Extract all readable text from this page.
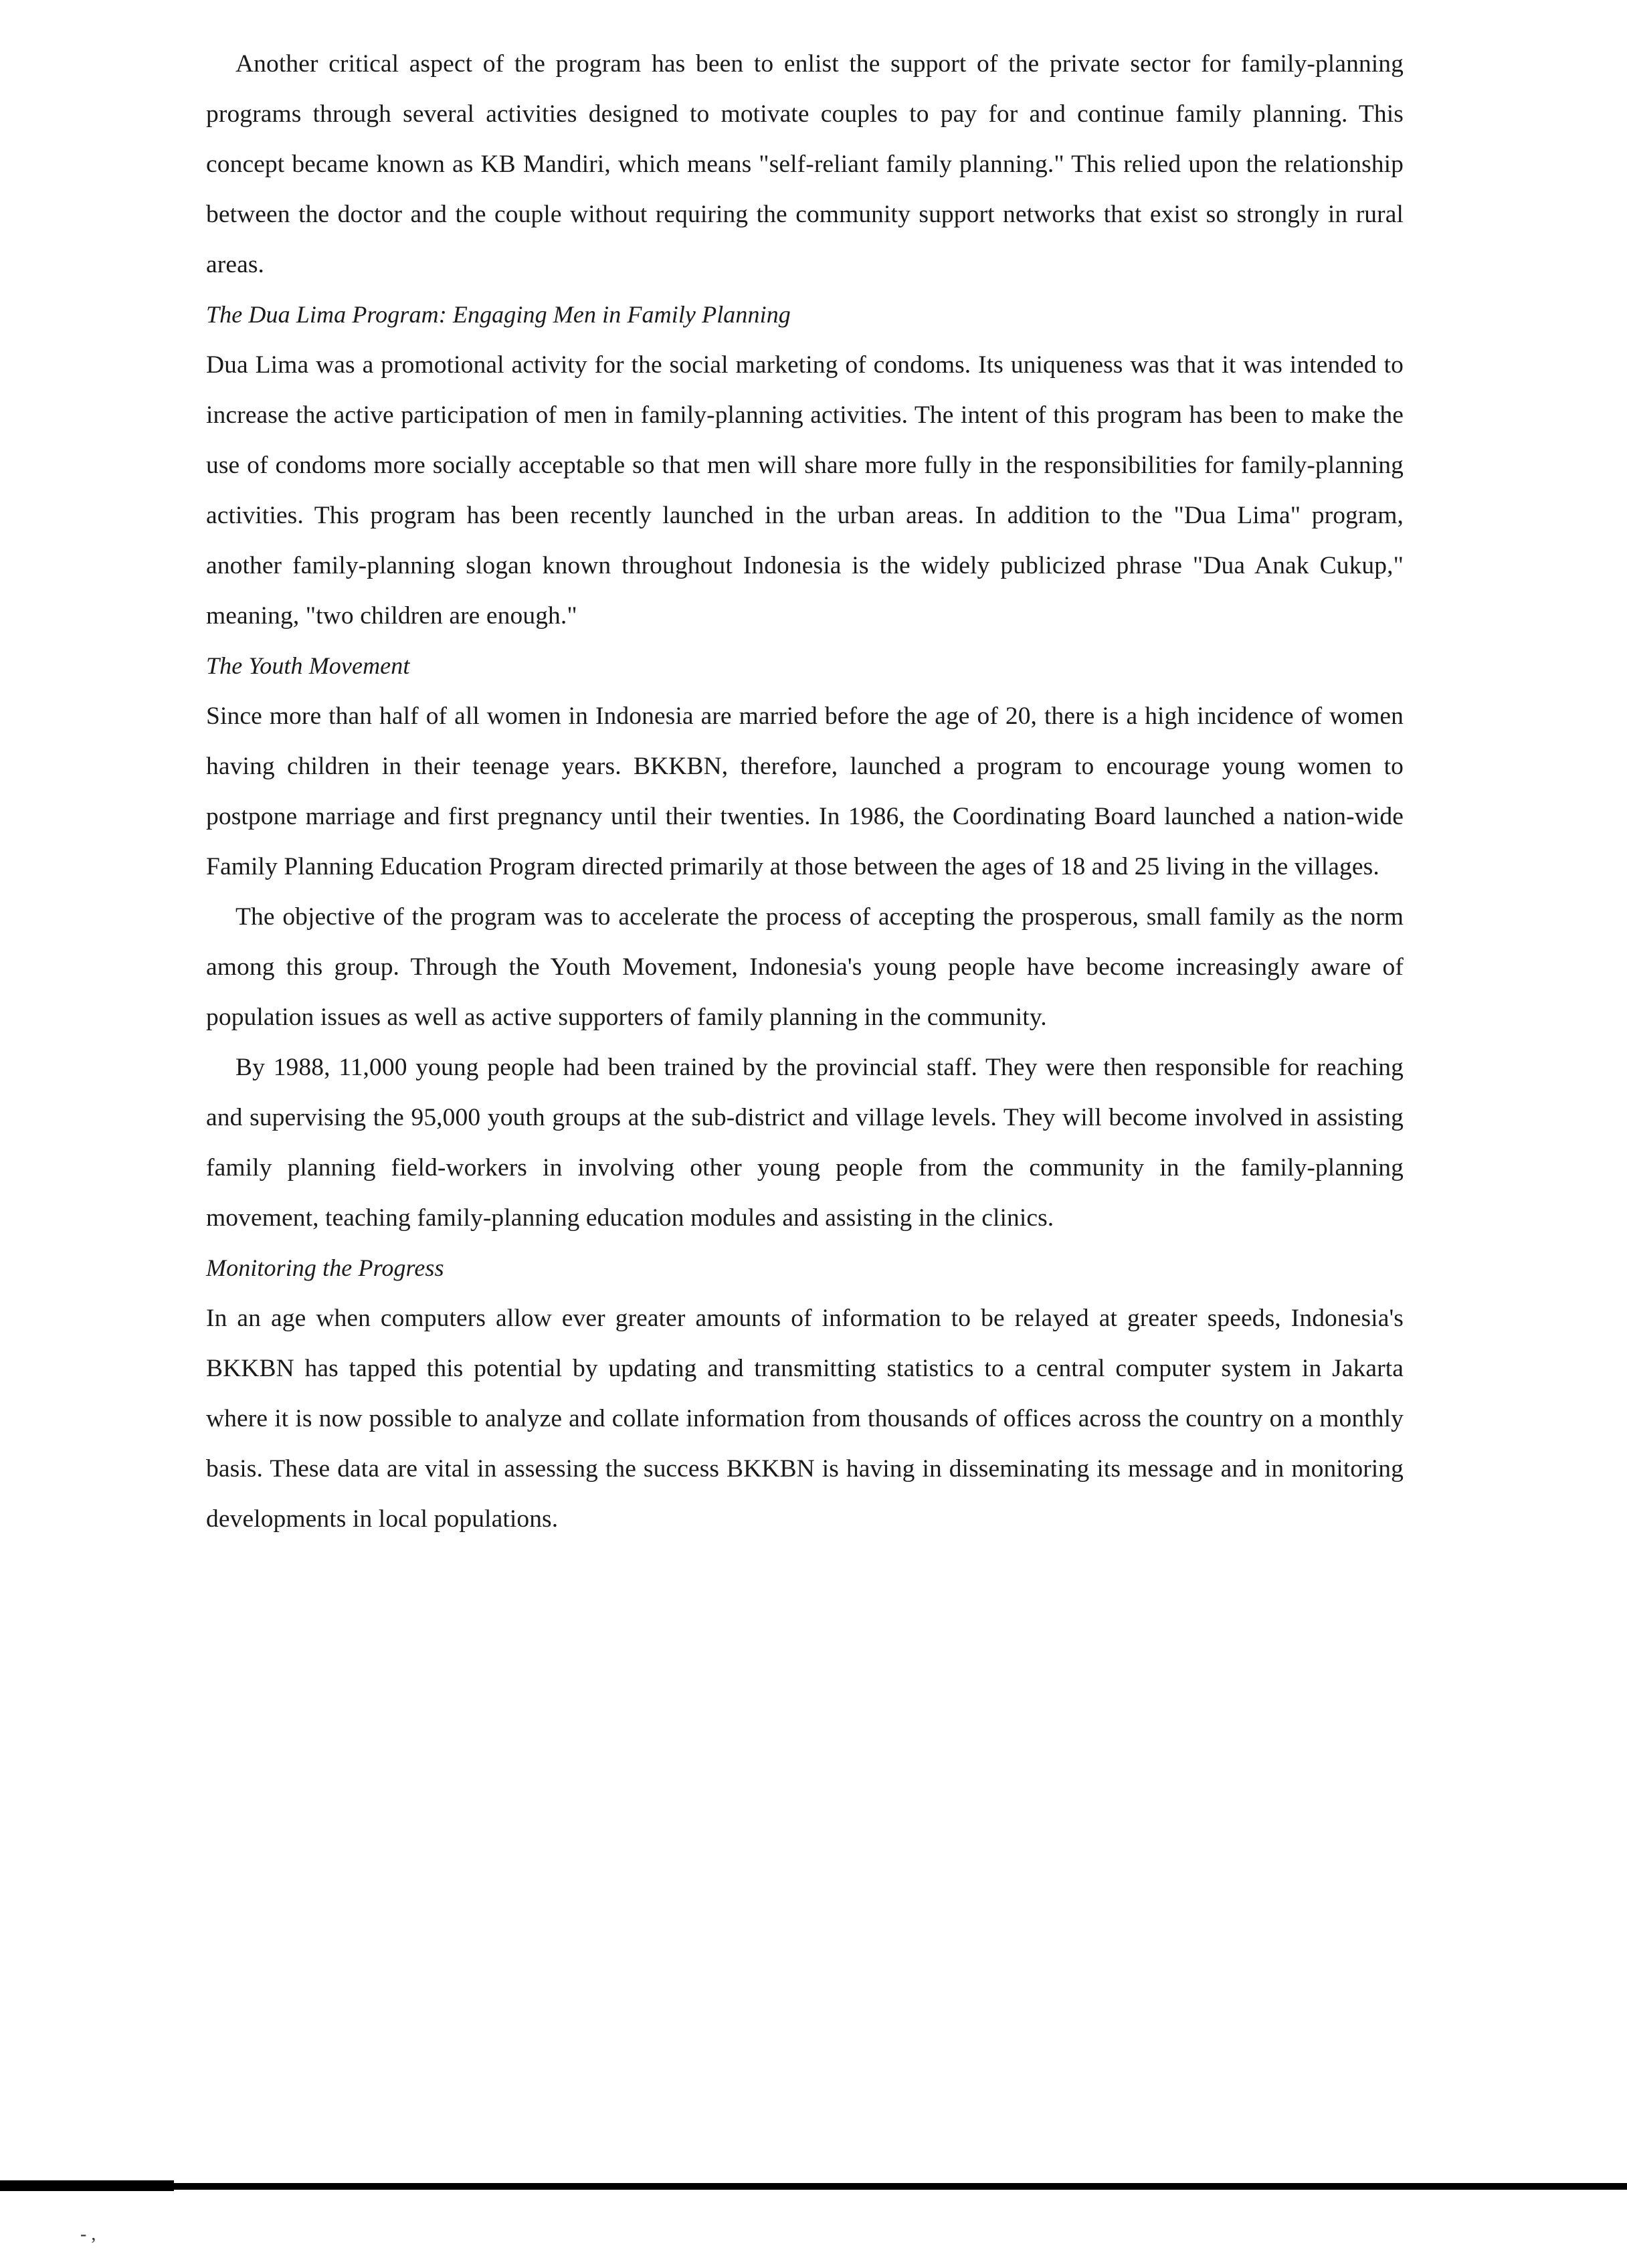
Another critical aspect of the program has been to enlist the support of the private sector for family-planning programs through several activities designed to motivate couples to pay for and continue family planning. This concept became known as KB Mandiri, which means "self-reliant family planning." This relied upon the relationship between the doctor and the couple without requiring the community support networks that exist so strongly in rural areas.

The Dua Lima Program: Engaging Men in Family Planning

Dua Lima was a promotional activity for the social marketing of condoms. Its uniqueness was that it was intended to increase the active participation of men in family-planning activities. The intent of this program has been to make the use of condoms more socially acceptable so that men will share more fully in the responsibilities for family-planning activities. This program has been recently launched in the urban areas. In addition to the "Dua Lima" program, another family-planning slogan known throughout Indonesia is the widely publicized phrase "Dua Anak Cukup," meaning, "two children are enough."

The Youth Movement

Since more than half of all women in Indonesia are married before the age of 20, there is a high incidence of women having children in their teenage years. BKKBN, therefore, launched a program to encourage young women to postpone marriage and first pregnancy until their twenties. In 1986, the Coordinating Board launched a nation-wide Family Planning Education Program directed primarily at those between the ages of 18 and 25 living in the villages.

The objective of the program was to accelerate the process of accepting the prosperous, small family as the norm among this group. Through the Youth Movement, Indonesia's young people have become increasingly aware of population issues as well as active supporters of family planning in the community.

By 1988, 11,000 young people had been trained by the provincial staff. They were then responsible for reaching and supervising the 95,000 youth groups at the sub-district and village levels. They will become involved in assisting family planning field-workers in involving other young people from the community in the family-planning movement, teaching family-planning education modules and assisting in the clinics.

Monitoring the Progress

In an age when computers allow ever greater amounts of information to be relayed at greater speeds, Indonesia's BKKBN has tapped this potential by updating and transmitting statistics to a central computer system in Jakarta where it is now possible to analyze and collate information from thousands of offices across the country on a monthly basis. These data are vital in assessing the success BKKBN is having in disseminating its message and in monitoring developments in local populations.

- ,
